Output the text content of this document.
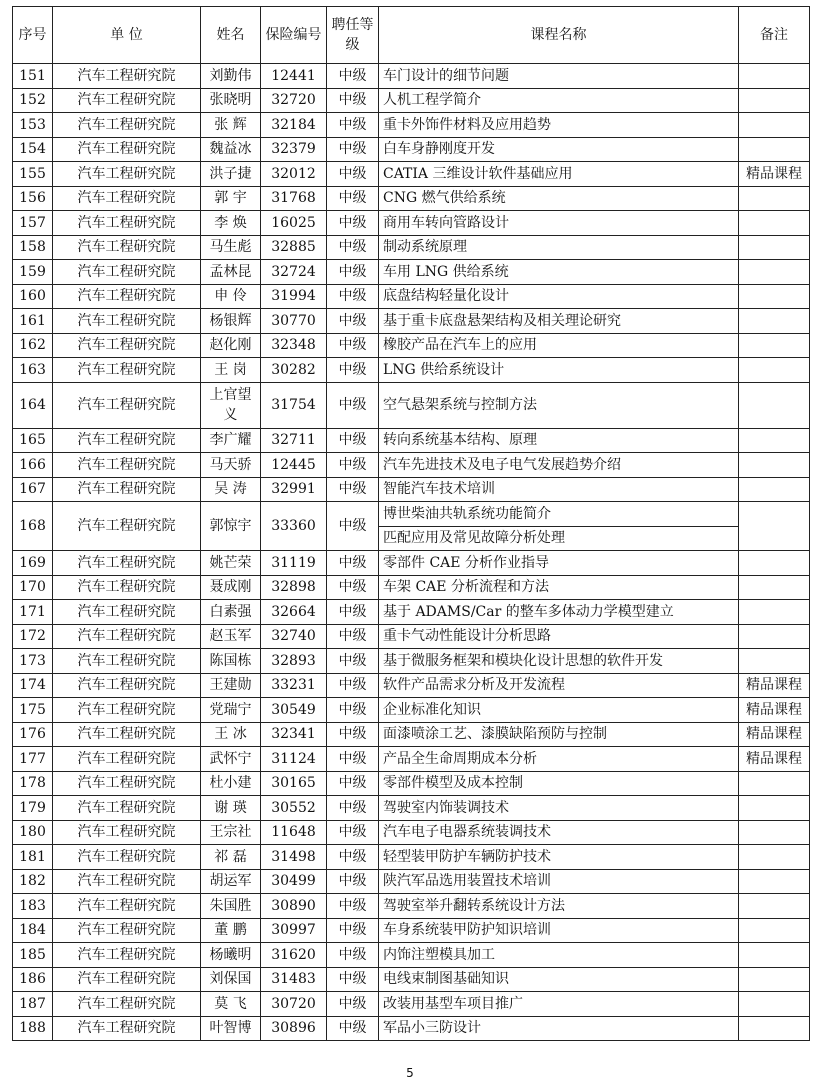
序号	单 位	姓名	保险编号	聘任等级	课程名称	备注
151	汽车工程研究院	刘勤伟	12441	中级	车门设计的细节问题	
152	汽车工程研究院	张晓明	32720	中级	人机工程学简介	
153	汽车工程研究院	张 辉	32184	中级	重卡外饰件材料及应用趋势	
154	汽车工程研究院	魏益冰	32379	中级	白车身静刚度开发	
155	汽车工程研究院	洪子捷	32012	中级	CATIA 三维设计软件基础应用	精品课程
156	汽车工程研究院	郭 宇	31768	中级	CNG 燃气供给系统	
157	汽车工程研究院	李 焕	16025	中级	商用车转向管路设计	
158	汽车工程研究院	马生彪	32885	中级	制动系统原理	
159	汽车工程研究院	孟林昆	32724	中级	车用 LNG 供给系统	
160	汽车工程研究院	申 伶	31994	中级	底盘结构轻量化设计	
161	汽车工程研究院	杨银辉	30770	中级	基于重卡底盘悬架结构及相关理论研究	
162	汽车工程研究院	赵化刚	32348	中级	橡胶产品在汽车上的应用	
163	汽车工程研究院	王 岗	30282	中级	LNG 供给系统设计	
164	汽车工程研究院	上官望义	31754	中级	空气悬架系统与控制方法	
165	汽车工程研究院	李广耀	32711	中级	转向系统基本结构、原理	
166	汽车工程研究院	马天骄	12445	中级	汽车先进技术及电子电气发展趋势介绍	
167	汽车工程研究院	吴 涛	32991	中级	智能汽车技术培训	
168	汽车工程研究院	郭惊宇	33360	中级	博世柴油共轨系统功能简介	
					匹配应用及常见故障分析处理	
169	汽车工程研究院	姚芒荣	31119	中级	零部件 CAE 分析作业指导	
170	汽车工程研究院	聂成刚	32898	中级	车架 CAE 分析流程和方法	
171	汽车工程研究院	白素强	32664	中级	基于 ADAMS/Car 的整车多体动力学模型建立	
172	汽车工程研究院	赵玉军	32740	中级	重卡气动性能设计分析思路	
173	汽车工程研究院	陈国栋	32893	中级	基于微服务框架和模块化设计思想的软件开发	
174	汽车工程研究院	王建勋	33231	中级	软件产品需求分析及开发流程	精品课程
175	汽车工程研究院	党瑞宁	30549	中级	企业标准化知识	精品课程
176	汽车工程研究院	王 冰	32341	中级	面漆喷涂工艺、漆膜缺陷预防与控制	精品课程
177	汽车工程研究院	武怀宁	31124	中级	产品全生命周期成本分析	精品课程
178	汽车工程研究院	杜小建	30165	中级	零部件模型及成本控制	
179	汽车工程研究院	谢 瑛	30552	中级	驾驶室内饰装调技术	
180	汽车工程研究院	王宗社	11648	中级	汽车电子电器系统装调技术	
181	汽车工程研究院	祁 磊	31498	中级	轻型装甲防护车辆防护技术	
182	汽车工程研究院	胡运军	30499	中级	陕汽军品选用装置技术培训	
183	汽车工程研究院	朱国胜	30890	中级	驾驶室举升翻转系统设计方法	
184	汽车工程研究院	董 鹏	30997	中级	车身系统装甲防护知识培训	
185	汽车工程研究院	杨曦明	31620	中级	内饰注塑模具加工	
186	汽车工程研究院	刘保国	31483	中级	电线束制图基础知识	
187	汽车工程研究院	莫 飞	30720	中级	改装用基型车项目推广	
188	汽车工程研究院	叶智博	30896	中级	军品小三防设计	
5
